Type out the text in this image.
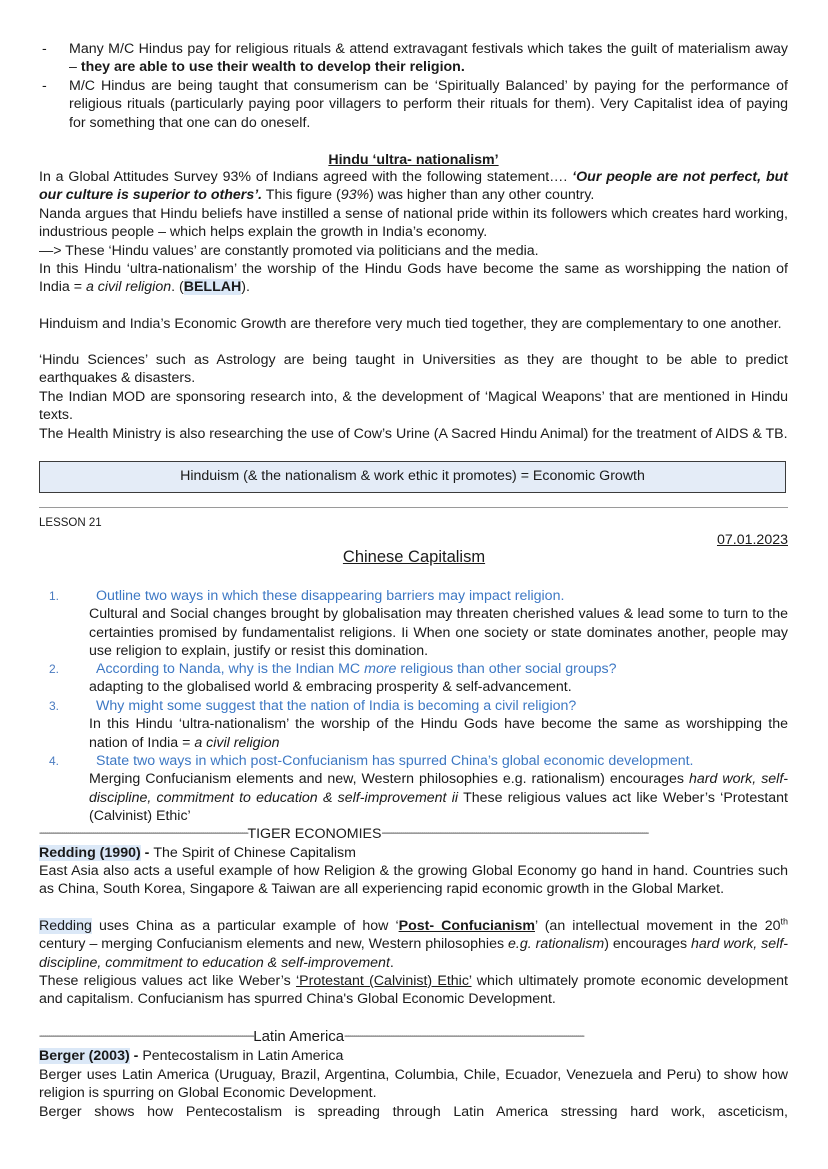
- Many M/C Hindus pay for religious rituals & attend extravagant festivals which takes the guilt of materialism away – they are able to use their wealth to develop their religion.
- M/C Hindus are being taught that consumerism can be ‘Spiritually Balanced’ by paying for the performance of religious rituals (particularly paying poor villagers to perform their rituals for them). Very Capitalist idea of paying for something that one can do oneself.
Hindu ‘ultra- nationalism’
In a Global Attitudes Survey 93% of Indians agreed with the following statement…. ‘Our people are not perfect, but our culture is superior to others’. This figure (93%) was higher than any other country.
Nanda argues that Hindu beliefs have instilled a sense of national pride within its followers which creates hard working, industrious people – which helps explain the growth in India’s economy.
—> These ‘Hindu values’ are constantly promoted via politicians and the media.
In this Hindu ‘ultra-nationalism’ the worship of the Hindu Gods have become the same as worshipping the nation of India = a civil religion. (BELLAH).
Hinduism and India’s Economic Growth are therefore very much tied together, they are complementary to one another.
‘Hindu Sciences’ such as Astrology are being taught in Universities as they are thought to be able to predict earthquakes & disasters.
The Indian MOD are sponsoring research into, & the development of ‘Magical Weapons’ that are mentioned in Hindu texts.
The Health Ministry is also researching the use of Cow’s Urine (A Sacred Hindu Animal) for the treatment of AIDS & TB.
Hinduism (& the nationalism & work ethic it promotes) = Economic Growth
LESSON 21
07.01.2023
Chinese Capitalism
1.	Outline two ways in which these disappearing barriers may impact religion.
Cultural and Social changes brought by globalisation may threaten cherished values & lead some to turn to the certainties promised by fundamentalist religions. Ii When one society or state dominates another, people may use religion to explain, justify or resist this domination.
2.	According to Nanda, why is the Indian MC more religious than other social groups?
adapting to the globalised world & embracing prosperity & self-advancement.
3.	Why might some suggest that the nation of India is becoming a civil religion?
In this Hindu ‘ultra-nationalism’ the worship of the Hindu Gods have become the same as worshipping the nation of India = a civil religion
4.	State two ways in which post-Confucianism has spurred China’s global economic development.
Merging Confucianism elements and new, Western philosophies e.g. rationalism) encourages hard work, self-discipline, commitment to education & self-improvement ii These religious values act like Weber’s ‘Protestant (Calvinist) Ethic’
------------------------------------------------------------------------------------------------------------TIGER ECONOMIES------------------------------------------------------------------------------------------------------------------------------------------
Redding (1990) - The Spirit of Chinese Capitalism
East Asia also acts a useful example of how Religion & the growing Global Economy go hand in hand. Countries such as China, South Korea, Singapore & Taiwan are all experiencing rapid economic growth in the Global Market.
Redding uses China as a particular example of how ‘Post- Confucianism’ (an intellectual movement in the 20th century – merging Confucianism elements and new, Western philosophies e.g. rationalism) encourages hard work, self-discipline, commitment to education & self-improvement.
These religious values act like Weber’s ‘Protestant (Calvinist) Ethic’ which ultimately promote economic development and capitalism. Confucianism has spurred China's Global Economic Development.
---------------------------------------------------------------------------------------------------------------Latin America----------------------------------------------------------------------------------------------------------------------------
Berger (2003) - Pentecostalism in Latin America
Berger uses Latin America (Uruguay, Brazil, Argentina, Columbia, Chile, Ecuador, Venezuela and Peru) to show how religion is spurring on Global Economic Development.
Berger shows how Pentecostalism is spreading through Latin America stressing hard work, asceticism,
